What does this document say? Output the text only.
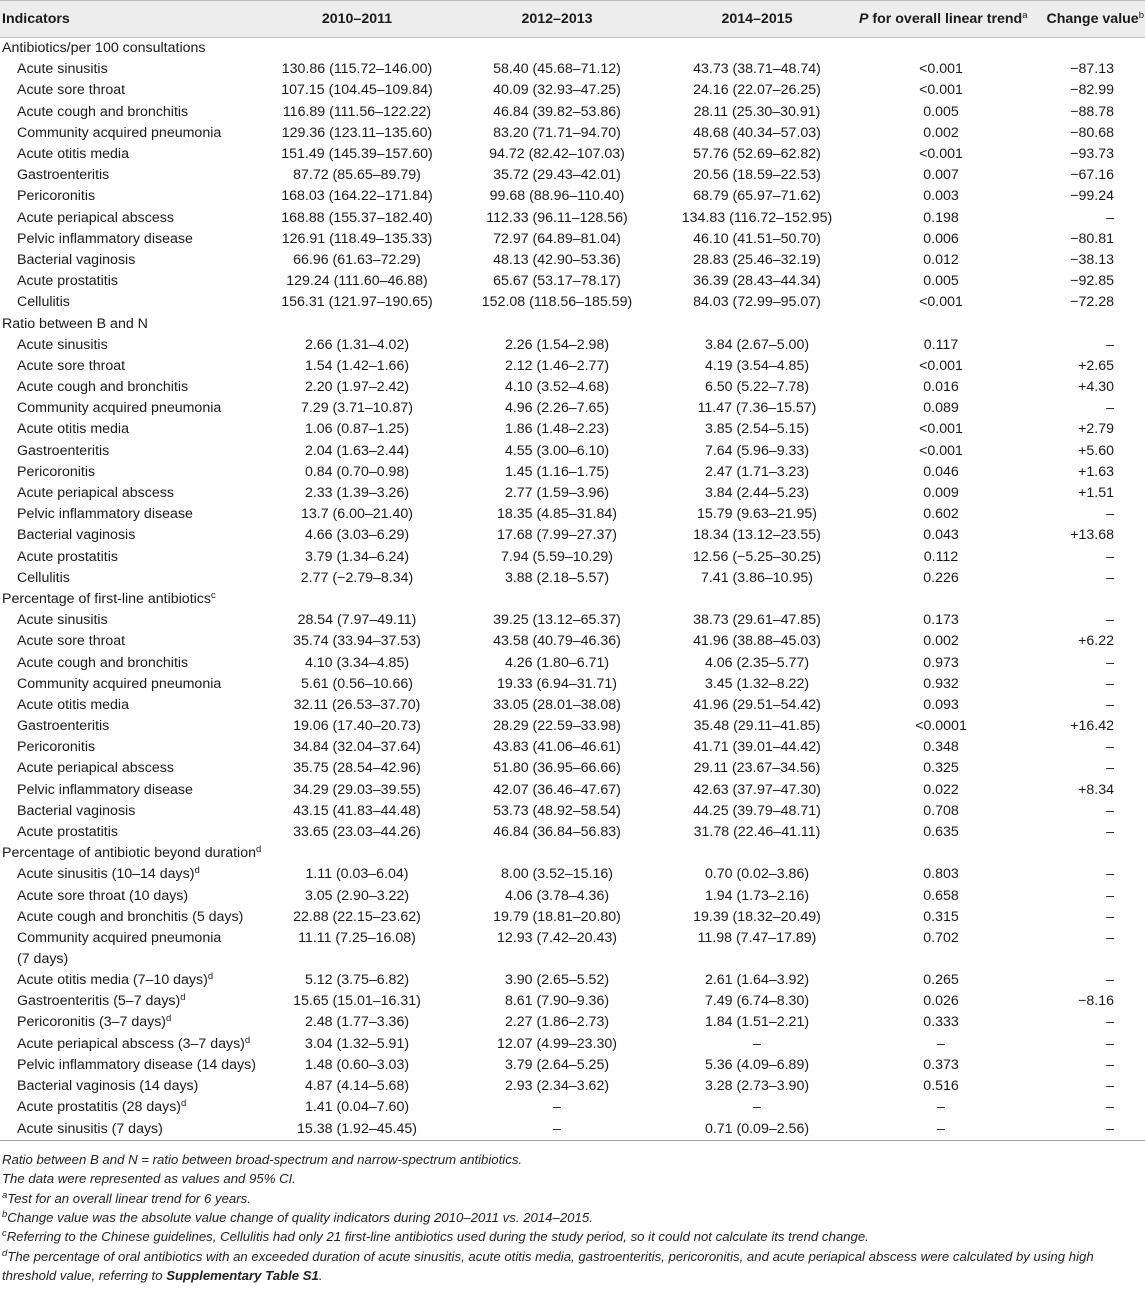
Indicators	2010–2011	2012–2013	2014–2015	P for overall linear trend$^a$	Change value$^b$
Antibiotics/per 100 consultations					
Acute sinusitis	130.86 (115.72–146.00)	58.40 (45.68–71.12)	43.73 (38.71–48.74)	<0.001	−87.13
Acute sore throat	107.15 (104.45–109.84)	40.09 (32.93–47.25)	24.16 (22.07–26.25)	<0.001	−82.99
Acute cough and bronchitis	116.89 (111.56–122.22)	46.84 (39.82–53.86)	28.11 (25.30–30.91)	0.005	−88.78
Community acquired pneumonia	129.36 (123.11–135.60)	83.20 (71.71–94.70)	48.68 (40.34–57.03)	0.002	−80.68
Acute otitis media	151.49 (145.39–157.60)	94.72 (82.42–107.03)	57.76 (52.69–62.82)	<0.001	−93.73
Gastroenteritis	87.72 (85.65–89.79)	35.72 (29.43–42.01)	20.56 (18.59–22.53)	0.007	−67.16
Pericoronitis	168.03 (164.22–171.84)	99.68 (88.96–110.40)	68.79 (65.97–71.62)	0.003	−99.24
Acute periapical abscess	168.88 (155.37–182.40)	112.33 (96.11–128.56)	134.83 (116.72–152.95)	0.198	–
Pelvic inflammatory disease	126.91 (118.49–135.33)	72.97 (64.89–81.04)	46.10 (41.51–50.70)	0.006	−80.81
Bacterial vaginosis	66.96 (61.63–72.29)	48.13 (42.90–53.36)	28.83 (25.46–32.19)	0.012	−38.13
Acute prostatitis	129.24 (111.60–46.88)	65.67 (53.17–78.17)	36.39 (28.43–44.34)	0.005	−92.85
Cellulitis	156.31 (121.97–190.65)	152.08 (118.56–185.59)	84.03 (72.99–95.07)	<0.001	−72.28
Ratio between B and N					
Acute sinusitis	2.66 (1.31–4.02)	2.26 (1.54–2.98)	3.84 (2.67–5.00)	0.117	–
Acute sore throat	1.54 (1.42–1.66)	2.12 (1.46–2.77)	4.19 (3.54–4.85)	<0.001	+2.65
Acute cough and bronchitis	2.20 (1.97–2.42)	4.10 (3.52–4.68)	6.50 (5.22–7.78)	0.016	+4.30
Community acquired pneumonia	7.29 (3.71–10.87)	4.96 (2.26–7.65)	11.47 (7.36–15.57)	0.089	–
Acute otitis media	1.06 (0.87–1.25)	1.86 (1.48–2.23)	3.85 (2.54–5.15)	<0.001	+2.79
Gastroenteritis	2.04 (1.63–2.44)	4.55 (3.00–6.10)	7.64 (5.96–9.33)	<0.001	+5.60
Pericoronitis	0.84 (0.70–0.98)	1.45 (1.16–1.75)	2.47 (1.71–3.23)	0.046	+1.63
Acute periapical abscess	2.33 (1.39–3.26)	2.77 (1.59–3.96)	3.84 (2.44–5.23)	0.009	+1.51
Pelvic inflammatory disease	13.7 (6.00–21.40)	18.35 (4.85–31.84)	15.79 (9.63–21.95)	0.602	–
Bacterial vaginosis	4.66 (3.03–6.29)	17.68 (7.99–27.37)	18.34 (13.12–23.55)	0.043	+13.68
Acute prostatitis	3.79 (1.34–6.24)	7.94 (5.59–10.29)	12.56 (−5.25–30.25)	0.112	–
Cellulitis	2.77 (−2.79–8.34)	3.88 (2.18–5.57)	7.41 (3.86–10.95)	0.226	–
Percentage of first-line antibiotics$^c$
Acute sinusitis	28.54 (7.97–49.11)	39.25 (13.12–65.37)	38.73 (29.61–47.85)	0.173	–
Acute sore throat	35.74 (33.94–37.53)	43.58 (40.79–46.36)	41.96 (38.88–45.03)	0.002	+6.22
Acute cough and bronchitis	4.10 (3.34–4.85)	4.26 (1.80–6.71)	4.06 (2.35–5.77)	0.973	–
Community acquired pneumonia	5.61 (0.56–10.66)	19.33 (6.94–31.71)	3.45 (1.32–8.22)	0.932	–
Acute otitis media	32.11 (26.53–37.70)	33.05 (28.01–38.08)	41.96 (29.51–54.42)	0.093	–
Gastroenteritis	19.06 (17.40–20.73)	28.29 (22.59–33.98)	35.48 (29.11–41.85)	<0.0001	+16.42
Pericoronitis	34.84 (32.04–37.64)	43.83 (41.06–46.61)	41.71 (39.01–44.42)	0.348	–
Acute periapical abscess	35.75 (28.54–42.96)	51.80 (36.95–66.66)	29.11 (23.67–34.56)	0.325	–
Pelvic inflammatory disease	34.29 (29.03–39.55)	42.07 (36.46–47.67)	42.63 (37.97–47.30)	0.022	+8.34
Bacterial vaginosis	43.15 (41.83–44.48)	53.73 (48.92–58.54)	44.25 (39.79–48.71)	0.708	–
Acute prostatitis	33.65 (23.03–44.26)	46.84 (36.84–56.83)	31.78 (22.46–41.11)	0.635	–
Percentage of antibiotic beyond duration$^d$
Acute sinusitis (10–14 days)$^d$	1.11 (0.03–6.04)	8.00 (3.52–15.16)	0.70 (0.02–3.86)	0.803	–
Acute sore throat (10 days)	3.05 (2.90–3.22)	4.06 (3.78–4.36)	1.94 (1.73–2.16)	0.658	–
Acute cough and bronchitis (5 days)	22.88 (22.15–23.62)	19.79 (18.81–20.80)	19.39 (18.32–20.49)	0.315	–
Community acquired pneumonia
(7 days)	11.11 (7.25–16.08)	12.93 (7.42–20.43)	11.98 (7.47–17.89)	0.702	–
Acute otitis media (7–10 days)$^d$	5.12 (3.75–6.82)	3.90 (2.65–5.52)	2.61 (1.64–3.92)	0.265	–
Gastroenteritis (5–7 days)$^d$	15.65 (15.01–16.31)	8.61 (7.90–9.36)	7.49 (6.74–8.30)	0.026	−8.16
Pericoronitis (3–7 days)$^d$	2.48 (1.77–3.36)	2.27 (1.86–2.73)	1.84 (1.51–2.21)	0.333	–
Acute periapical abscess (3–7 days)$^d$	3.04 (1.32–5.91)	12.07 (4.99–23.30)	–	–	–
Pelvic inflammatory disease (14 days)	1.48 (0.60–3.03)	3.79 (2.64–5.25)	5.36 (4.09–6.89)	0.373	–
Bacterial vaginosis (14 days)	4.87 (4.14–5.68)	2.93 (2.34–3.62)	3.28 (2.73–3.90)	0.516	–
Acute prostatitis (28 days)$^d$	1.41 (0.04–7.60)	–	–	–	–
Acute sinusitis (7 days)	15.38 (1.92–45.45)	–	0.71 (0.09–2.56)	–	–
Ratio between B and N = ratio between broad-spectrum and narrow-spectrum antibiotics.
The data were represented as values and 95% CI.
$^a$Test for an overall linear trend for 6 years.
$^b$Change value was the absolute value change of quality indicators during 2010–2011 vs. 2014–2015.
$^c$Referring to the Chinese guidelines, Cellulitis had only 21 first-line antibiotics used during the study period, so it could not calculate its trend change.
$^d$The percentage of oral antibiotics with an exceeded duration of acute sinusitis, acute otitis media, gastroenteritis, pericoronitis, and acute periapical abscess were calculated by using high
threshold value, referring to Supplementary Table S1.
